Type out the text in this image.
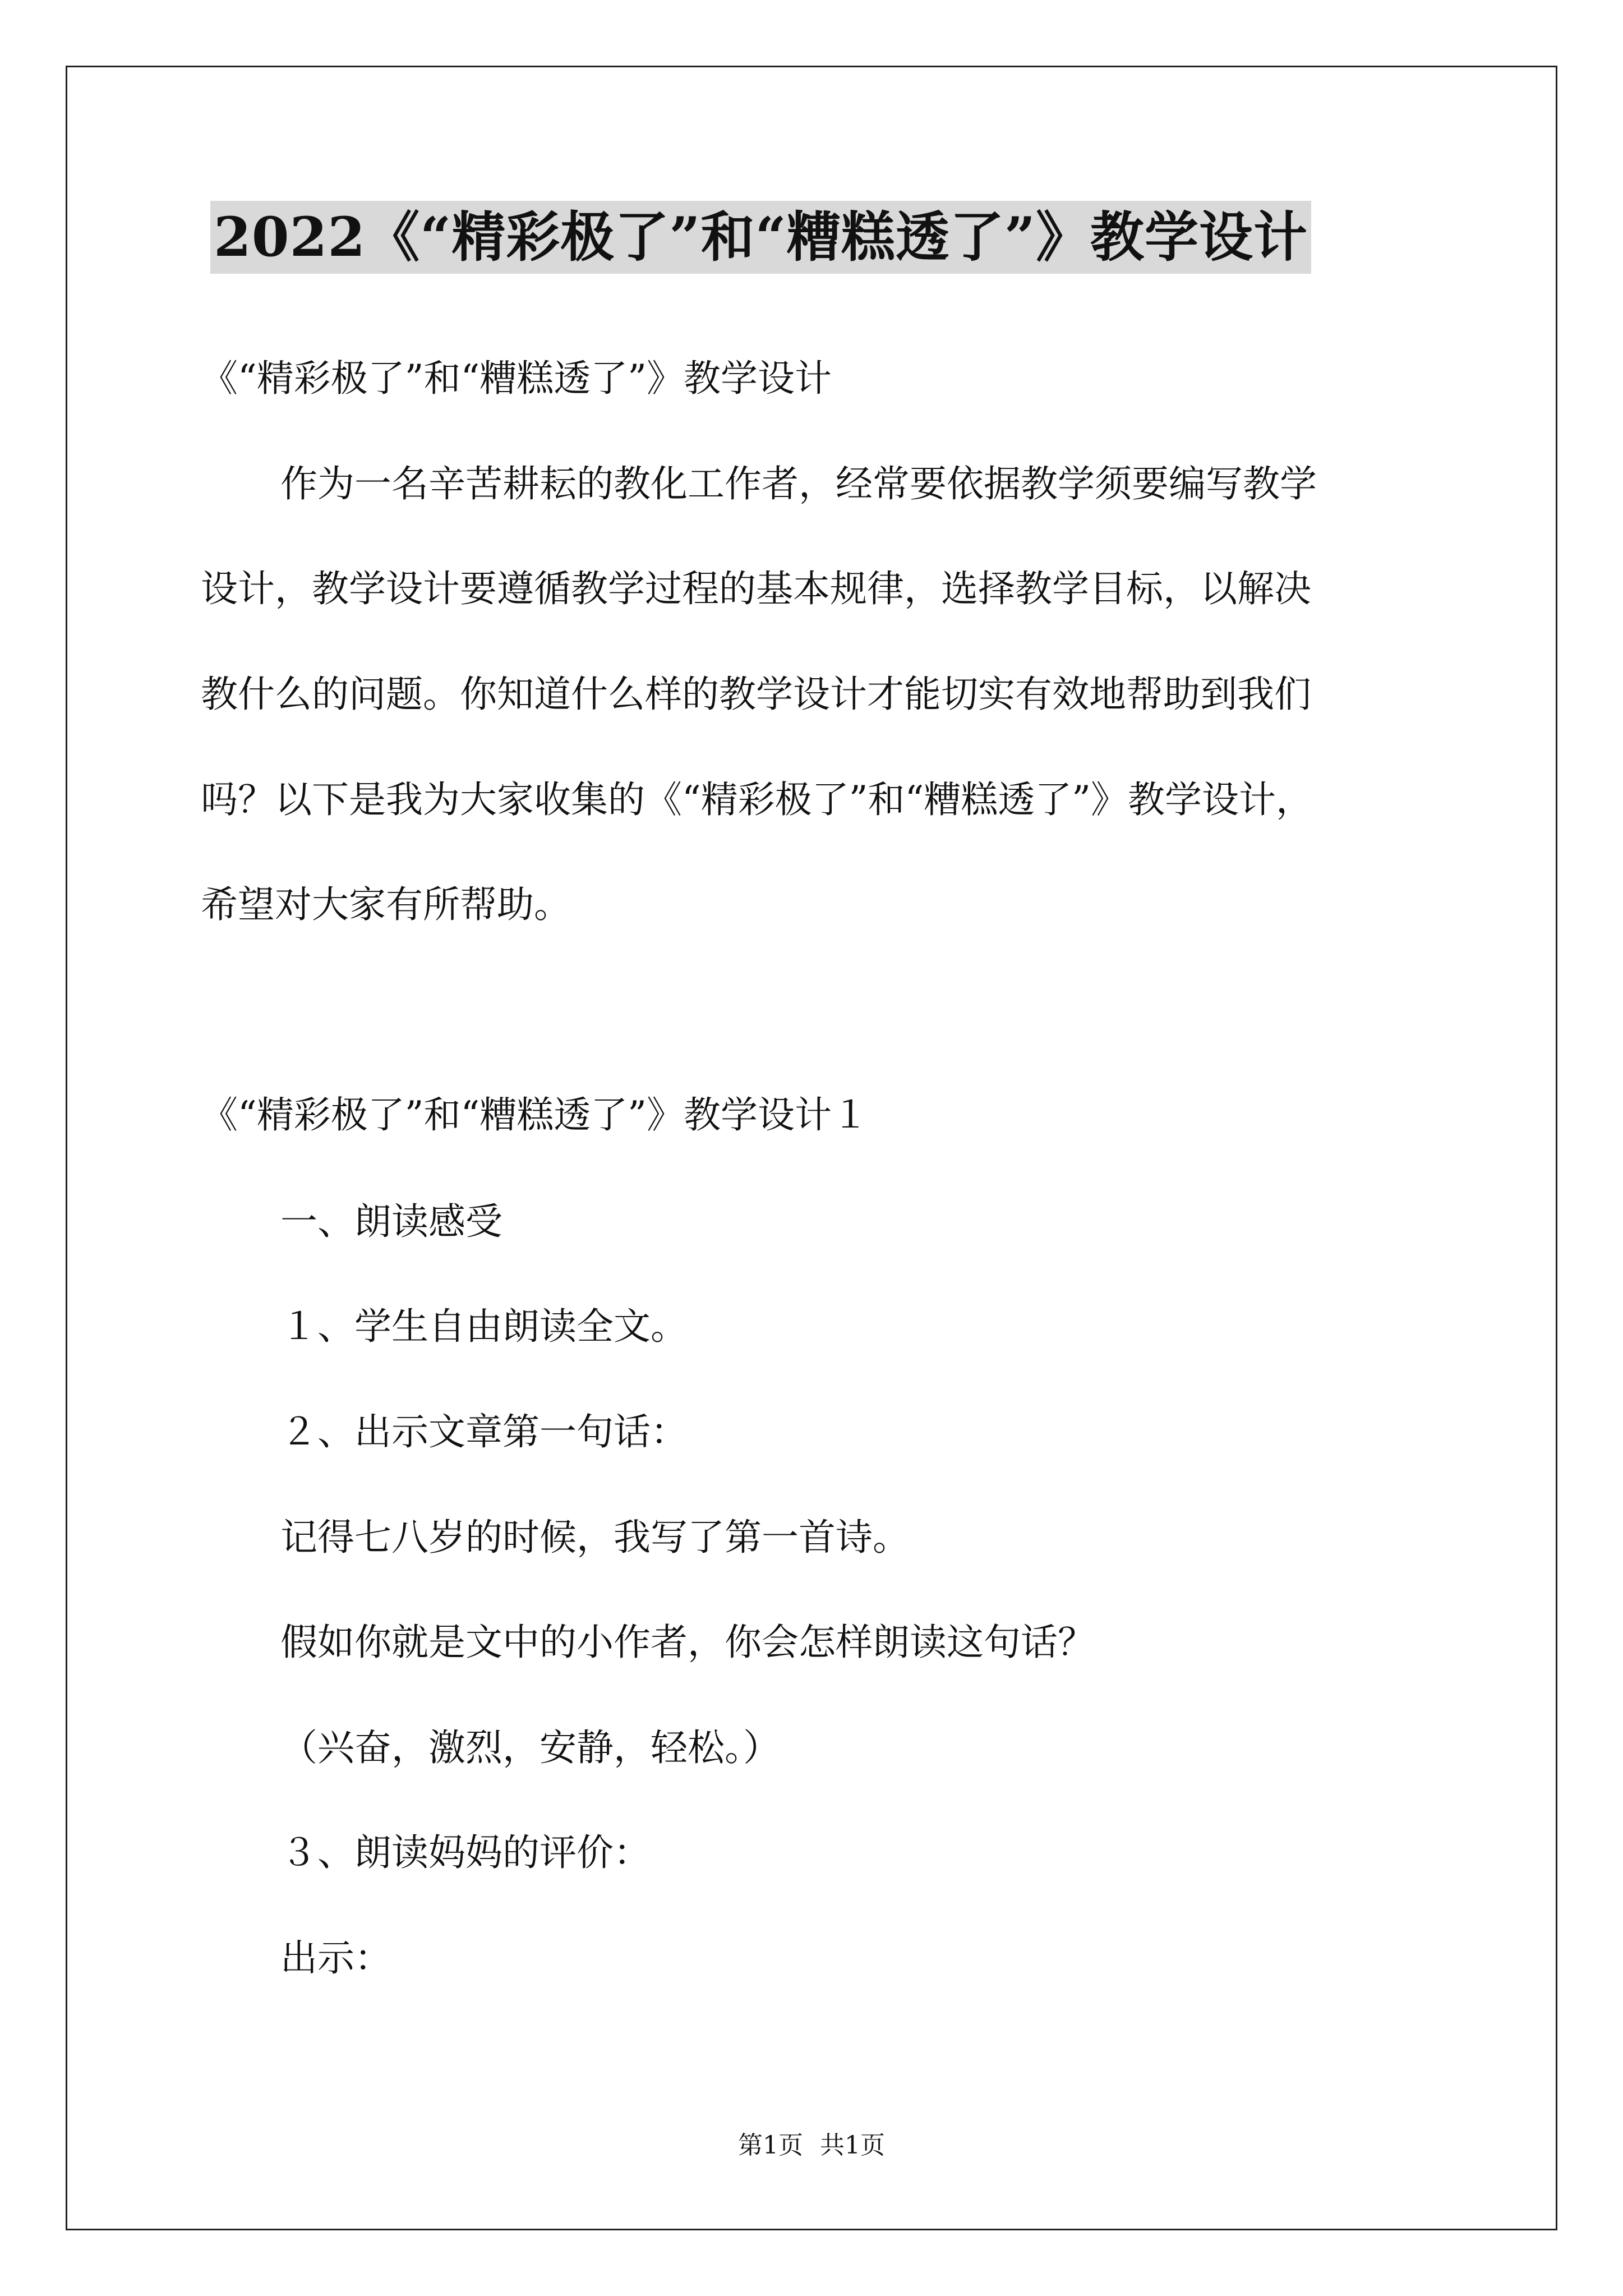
2022《“精彩极了”和“糟糕透了”》教学设计
《“精彩极了”和“糟糕透了”》教学设计
作为一名辛苦耕耘的教化工作者，经常要依据教学须要编写教学
设计，教学设计要遵循教学过程的基本规律，选择教学目标，以解决
教什么的问题。你知道什么样的教学设计才能切实有效地帮助到我们
吗？以下是我为大家收集的《“精彩极了”和“糟糕透了”》教学设计，
希望对大家有所帮助。
《“精彩极了”和“糟糕透了”》教学设计１
一、朗读感受
１、学生自由朗读全文。
２、出示文章第一句话：
记得七八岁的时候，我写了第一首诗。
假如你就是文中的小作者，你会怎样朗读这句话？
（兴奋，激烈，安静，轻松。）
３、朗读妈妈的评价：
出示：
第1页 共1页
